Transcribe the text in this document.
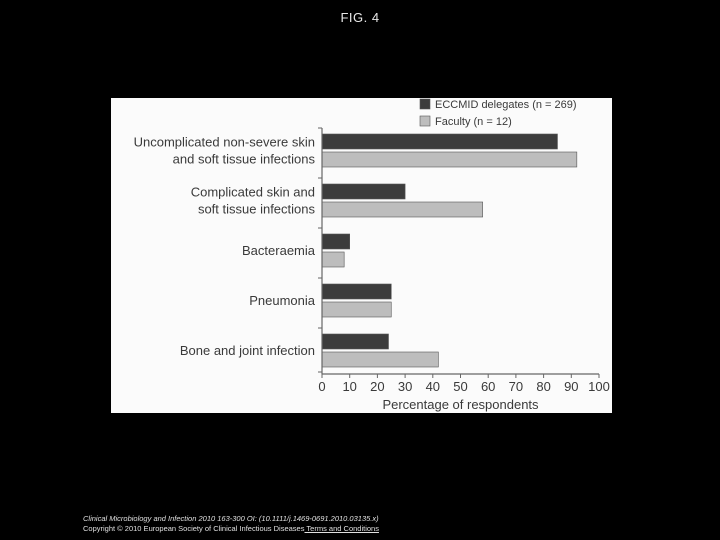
FIG. 4
Uncomplicated non-severe skin
and soft tissue infections
Complicated skin and
soft tissue infections
Bacteraemia
Pneumonia
Bone and joint infection
0 10 20 30 40 50 60 70 80 90 100
Percentage of respondents
ECCMID delegates (n = 269)
Faculty (n = 12)
Clinical Microbiology and Infection 2010 163-300 OI: (10.1111/j.1469-0691.2010.03135.x)
Copyright © 2010 European Society of Clinical Infectious Diseases Terms and Conditions
